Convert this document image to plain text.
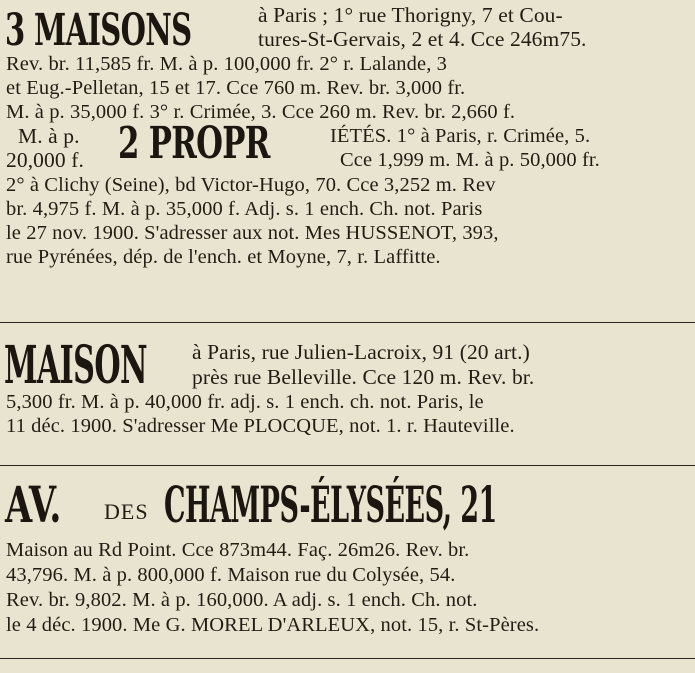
3 MAISONS	à Paris ; 1° rue Thorigny, 7 et Cou-
tures-St-Gervais, 2 et 4. Cce 246m75.
Rev. br. 11,585 fr. M. à p. 100,000 fr. 2° r. Lalande, 3
et Eug.-Pelletan, 15 et 17. Cce 760 m. Rev. br. 3,000 fr.
M. à p. 35,000 f. 3° r. Crimée, 3. Cce 260 m. Rev. br. 2,660 f.
M. à p.
20,000 f. 2 PROPR	IÉTÉS. 1° à Paris, r. Crimée, 5.
Cce 1,999 m. M. à p. 50,000 fr.
2° à Clichy (Seine), bd Victor-Hugo, 70. Cce 3,252 m. Rev
br. 4,975 f. M. à p. 35,000 f. Adj. s. 1 ench. Ch. not. Paris
le 27 nov. 1900. S'adresser aux not. Mes HUSSENOT, 393,
rue Pyrénées, dép. de l'ench. et Moyne, 7, r. Laffitte.
MAISON à Paris, rue Julien-Lacroix, 91 (20 art.)
près rue Belleville. Cce 120 m. Rev. br.
5,300 fr. M. à p. 40,000 fr. adj. s. 1 ench. ch. not. Paris, le
11 déc. 1900. S'adresser Me PLOCQUE, not. 1. r. Hauteville.
AV. DES CHAMPS-ÉLYSÉES, 21
Maison au Rd Point. Cce 873m44. Faç. 26m26. Rev. br.
43,796. M. à p. 800,000 f. Maison rue du Colysée, 54.
Rev. br. 9,802. M. à p. 160,000. A adj. s. 1 ench. Ch. not.
le 4 déc. 1900. Me G. MOREL D'ARLEUX, not. 15, r. St-Pères.
